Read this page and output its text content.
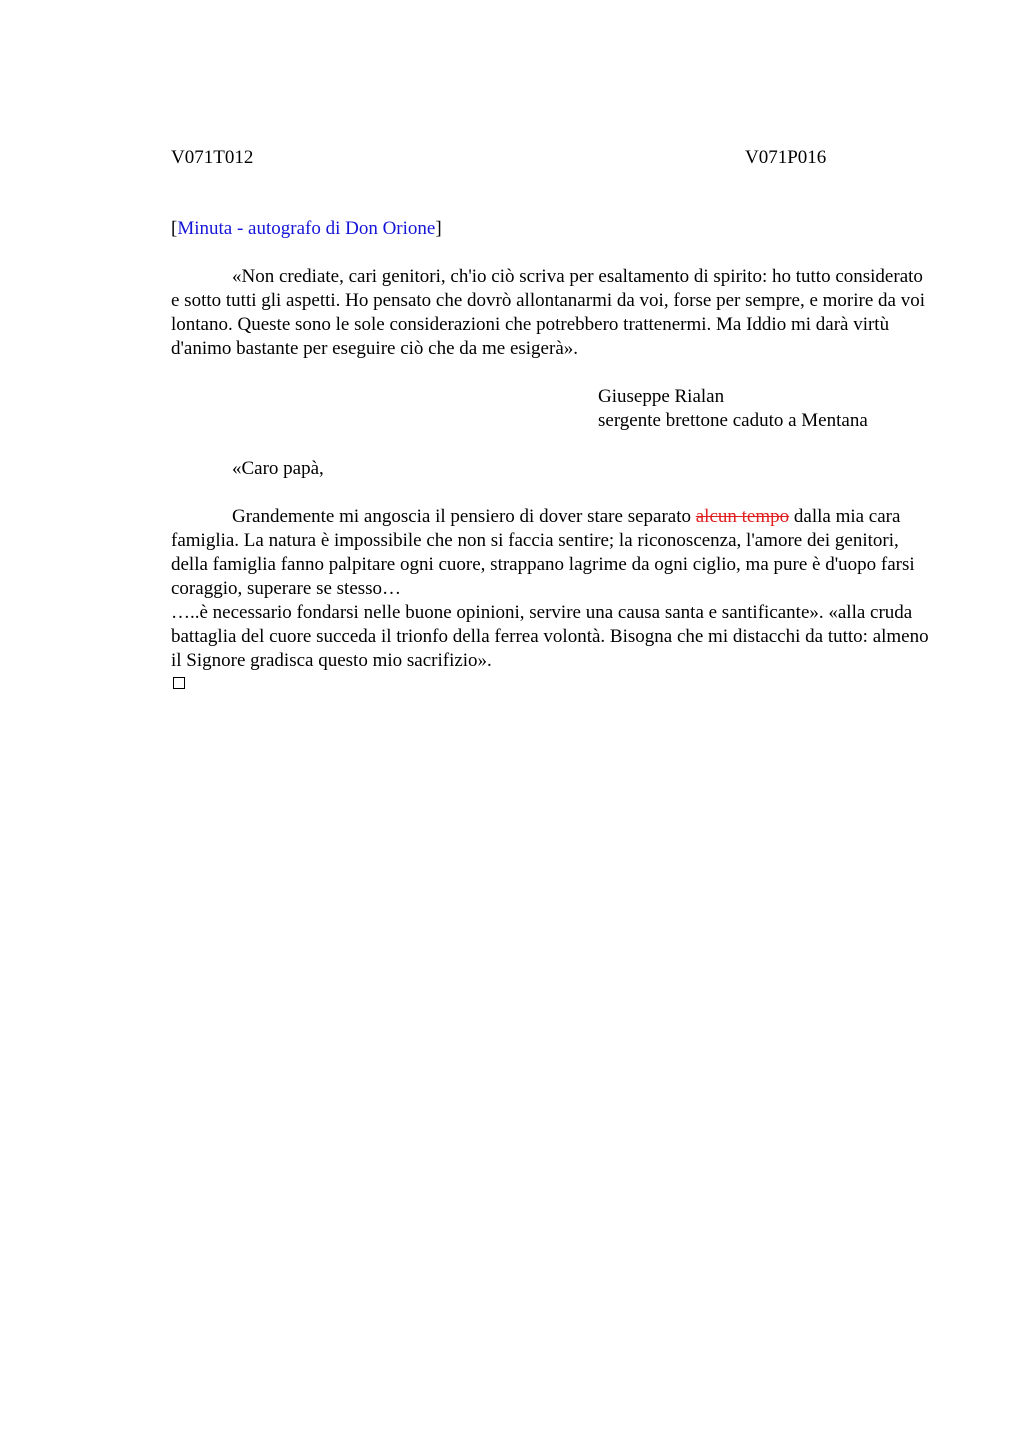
V071T012	V071P016

[Minuta - autografo di Don Orione]

«Non crediate, cari genitori, ch'io ciò scriva per esaltamento di spirito: ho tutto considerato e sotto tutti gli aspetti. Ho pensato che dovrò allontanarmi da voi, forse per sempre, e morire da voi lontano. Queste sono le sole considerazioni che potrebbero trattenermi. Ma Iddio mi darà virtù d'animo bastante per eseguire ciò che da me esigerà».

Giuseppe Rialan
sergente brettone caduto a Mentana

«Caro papà,

Grandemente mi angoscia il pensiero di dover stare separato alcun tempo dalla mia cara famiglia. La natura è impossibile che non si faccia sentire; la riconoscenza, l'amore dei genitori, della famiglia fanno palpitare ogni cuore, strappano lagrime da ogni ciglio, ma pure è d'uopo farsi coraggio, superare se stesso…

…..è necessario fondarsi nelle buone opinioni, servire una causa santa e santificante». «alla cruda battaglia del cuore succeda il trionfo della ferrea volontà. Bisogna che mi distacchi da tutto: almeno il Signore gradisca questo mio sacrifizio».
